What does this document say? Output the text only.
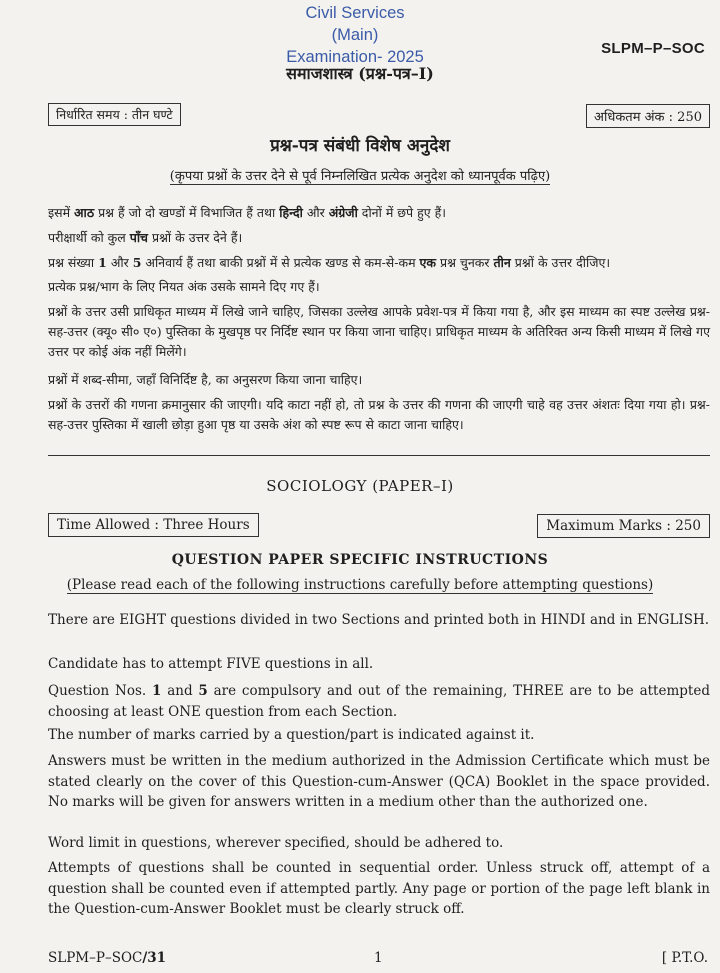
Civil Services (Main)
Examination- 2025	SLPM–P–SOC
समाजशास्त्र (प्रश्न-पत्र–I)
निर्धारित समय : तीन घण्टे	अधिकतम अंक : 250
प्रश्न-पत्र संबंधी विशेष अनुदेश
(कृपया प्रश्नों के उत्तर देने से पूर्व निम्नलिखित प्रत्येक अनुदेश को ध्यानपूर्वक पढ़िए)
इसमें आठ प्रश्न हैं जो दो खण्डों में विभाजित हैं तथा हिन्दी और अंग्रेजी दोनों में छपे हुए हैं।
परीक्षार्थी को कुल पाँच प्रश्नों के उत्तर देने हैं।
प्रश्न संख्या 1 और 5 अनिवार्य हैं तथा बाकी प्रश्नों में से प्रत्येक खण्ड से कम-से-कम एक प्रश्न चुनकर तीन प्रश्नों के उत्तर दीजिए।
प्रत्येक प्रश्न/भाग के लिए नियत अंक उसके सामने दिए गए हैं।
प्रश्नों के उत्तर उसी प्राधिकृत माध्यम में लिखे जाने चाहिए, जिसका उल्लेख आपके प्रवेश-पत्र में किया गया है, और इस माध्यम का स्पष्ट उल्लेख प्रश्न-सह-उत्तर (क्यू० सी० ए०) पुस्तिका के मुखपृष्ठ पर निर्दिष्ट स्थान पर किया जाना चाहिए। प्राधिकृत माध्यम के अतिरिक्त अन्य किसी माध्यम में लिखे गए उत्तर पर कोई अंक नहीं मिलेंगे।
प्रश्नों में शब्द-सीमा, जहाँ विनिर्दिष्ट है, का अनुसरण किया जाना चाहिए।
प्रश्नों के उत्तरों की गणना क्रमानुसार की जाएगी। यदि काटा नहीं हो, तो प्रश्न के उत्तर की गणना की जाएगी चाहे वह उत्तर अंशतः दिया गया हो। प्रश्न-सह-उत्तर पुस्तिका में खाली छोड़ा हुआ पृष्ठ या उसके अंश को स्पष्ट रूप से काटा जाना चाहिए।
SOCIOLOGY (PAPER–I)
Time Allowed : Three Hours	Maximum Marks : 250
QUESTION PAPER SPECIFIC INSTRUCTIONS
(Please read each of the following instructions carefully before attempting questions)
There are EIGHT questions divided in two Sections and printed both in HINDI and in ENGLISH.
Candidate has to attempt FIVE questions in all.
Question Nos. 1 and 5 are compulsory and out of the remaining, THREE are to be attempted choosing at least ONE question from each Section.
The number of marks carried by a question/part is indicated against it.
Answers must be written in the medium authorized in the Admission Certificate which must be stated clearly on the cover of this Question-cum-Answer (QCA) Booklet in the space provided. No marks will be given for answers written in a medium other than the authorized one.
Word limit in questions, wherever specified, should be adhered to.
Attempts of questions shall be counted in sequential order. Unless struck off, attempt of a question shall be counted even if attempted partly. Any page or portion of the page left blank in the Question-cum-Answer Booklet must be clearly struck off.
SLPM–P–SOC/31	1	[ P.T.O.
